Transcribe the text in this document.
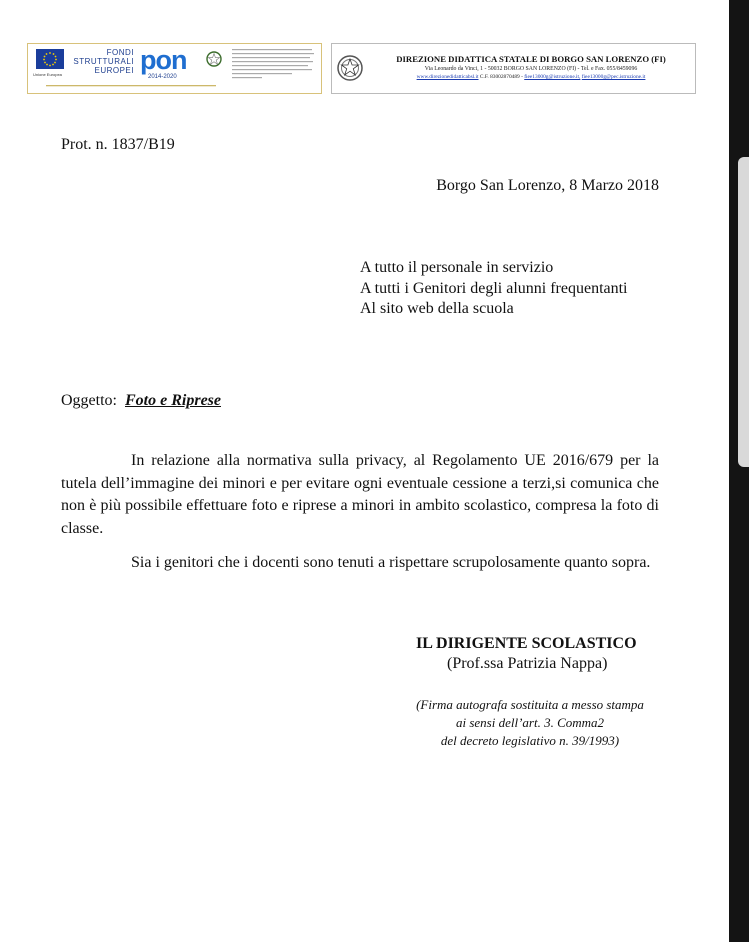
Unione Europea
FONDI
STRUTTURALI
EUROPEI pon
2014-2020
DIREZIONE DIDATTICA STATALE DI BORGO SAN LORENZO (FI)
Via Leonardo da Vinci, 1 - 50032 BORGO SAN LORENZO (FI) - Tel. e Fax. 055/8459096
www.direzionedidatticabsl.it C.F. 83002870489 - fiee13000g@istruzione.it, fiee13000g@pec.istruzione.it
Prot. n. 1837/B19
Borgo San Lorenzo, 8 Marzo 2018
A tutto il personale in servizio
A tutti i Genitori degli alunni frequentanti
Al sito web della scuola
Oggetto: Foto e Riprese
In relazione alla normativa sulla privacy, al Regolamento UE 2016/679 per la tutela dell’immagine dei minori e per evitare ogni eventuale cessione a terzi,si comunica che non è più possibile effettuare foto e riprese a minori in ambito scolastico, compresa la foto di classe.
Sia i genitori che i docenti sono tenuti a rispettare scrupolosamente quanto sopra.
IL DIRIGENTE SCOLASTICO
(Prof.ssa Patrizia Nappa)
(Firma autografa sostituita a messo stampa
ai sensi dell’art. 3. Comma2
del decreto legislativo n. 39/1993)
